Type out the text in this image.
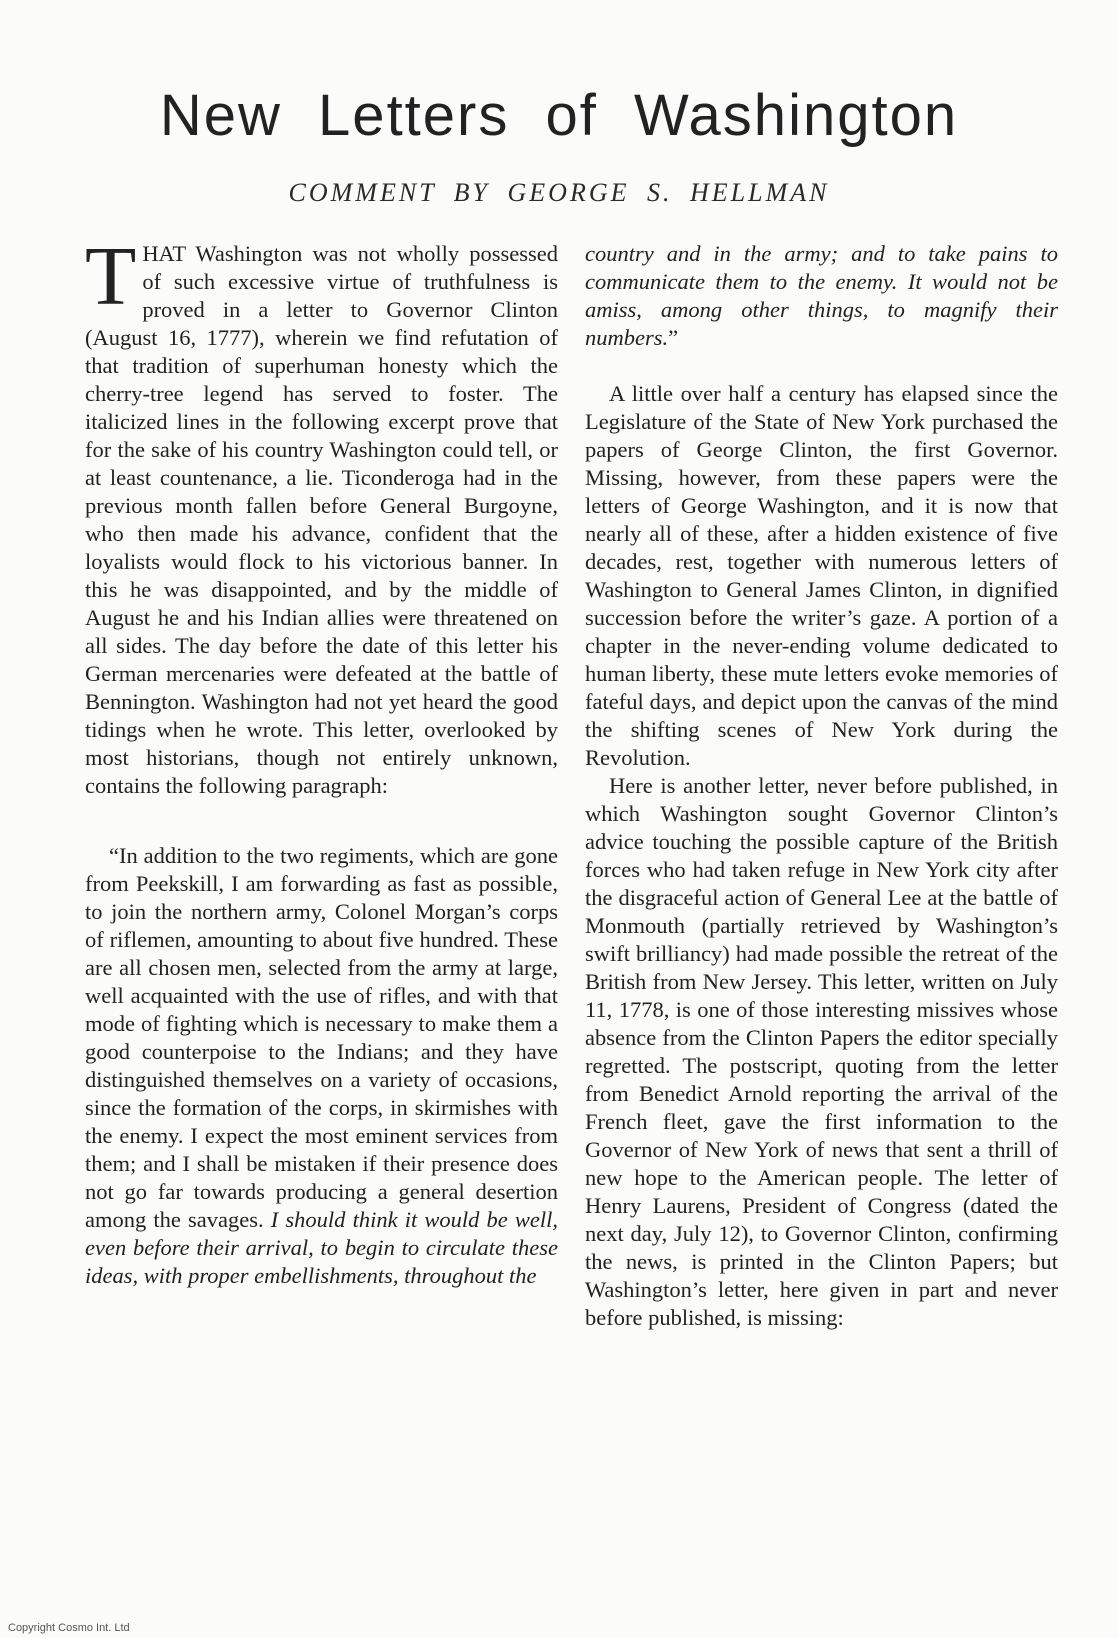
New Letters of Washington
COMMENT BY GEORGE S. HELLMAN

THAT Washington was not wholly possessed of such excessive virtue of truthfulness is proved in a letter to Governor Clinton (August 16, 1777), wherein we find refutation of that tradition of superhuman honesty which the cherry-tree legend has served to foster. The italicized lines in the following excerpt prove that for the sake of his country Washington could tell, or at least countenance, a lie. Ticonderoga had in the previous month fallen before General Burgoyne, who then made his advance, confident that the loyalists would flock to his victorious banner. In this he was disappointed, and by the middle of August he and his Indian allies were threatened on all sides. The day before the date of this letter his German mercenaries were defeated at the battle of Bennington. Washington had not yet heard the good tidings when he wrote. This letter, overlooked by most historians, though not entirely unknown, contains the following paragraph:

“In addition to the two regiments, which are gone from Peekskill, I am forwarding as fast as possible, to join the northern army, Colonel Morgan’s corps of riflemen, amounting to about five hundred. These are all chosen men, selected from the army at large, well acquainted with the use of rifles, and with that mode of fighting which is necessary to make them a good counterpoise to the Indians; and they have distinguished themselves on a variety of occasions, since the formation of the corps, in skirmishes with the enemy. I expect the most eminent services from them; and I shall be mistaken if their presence does not go far towards producing a general desertion among the savages. I should think it would be well, even before their arrival, to begin to circulate these ideas, with proper embellishments, throughout the

country and in the army; and to take pains to communicate them to the enemy. It would not be amiss, among other things, to magnify their numbers.”

A little over half a century has elapsed since the Legislature of the State of New York purchased the papers of George Clinton, the first Governor. Missing, however, from these papers were the letters of George Washington, and it is now that nearly all of these, after a hidden existence of five decades, rest, together with numerous letters of Washington to General James Clinton, in dignified succession before the writer’s gaze. A portion of a chapter in the never-ending volume dedicated to human liberty, these mute letters evoke memories of fateful days, and depict upon the canvas of the mind the shifting scenes of New York during the Revolution.

Here is another letter, never before published, in which Washington sought Governor Clinton’s advice touching the possible capture of the British forces who had taken refuge in New York city after the disgraceful action of General Lee at the battle of Monmouth (partially retrieved by Washington’s swift brilliancy) had made possible the retreat of the British from New Jersey. This letter, written on July 11, 1778, is one of those interesting missives whose absence from the Clinton Papers the editor specially regretted. The postscript, quoting from the letter from Benedict Arnold reporting the arrival of the French fleet, gave the first information to the Governor of New York of news that sent a thrill of new hope to the American people. The letter of Henry Laurens, President of Congress (dated the next day, July 12), to Governor Clinton, confirming the news, is printed in the Clinton Papers; but Washington’s letter, here given in part and never before published, is missing:

Copyright Cosmo Int. Ltd
